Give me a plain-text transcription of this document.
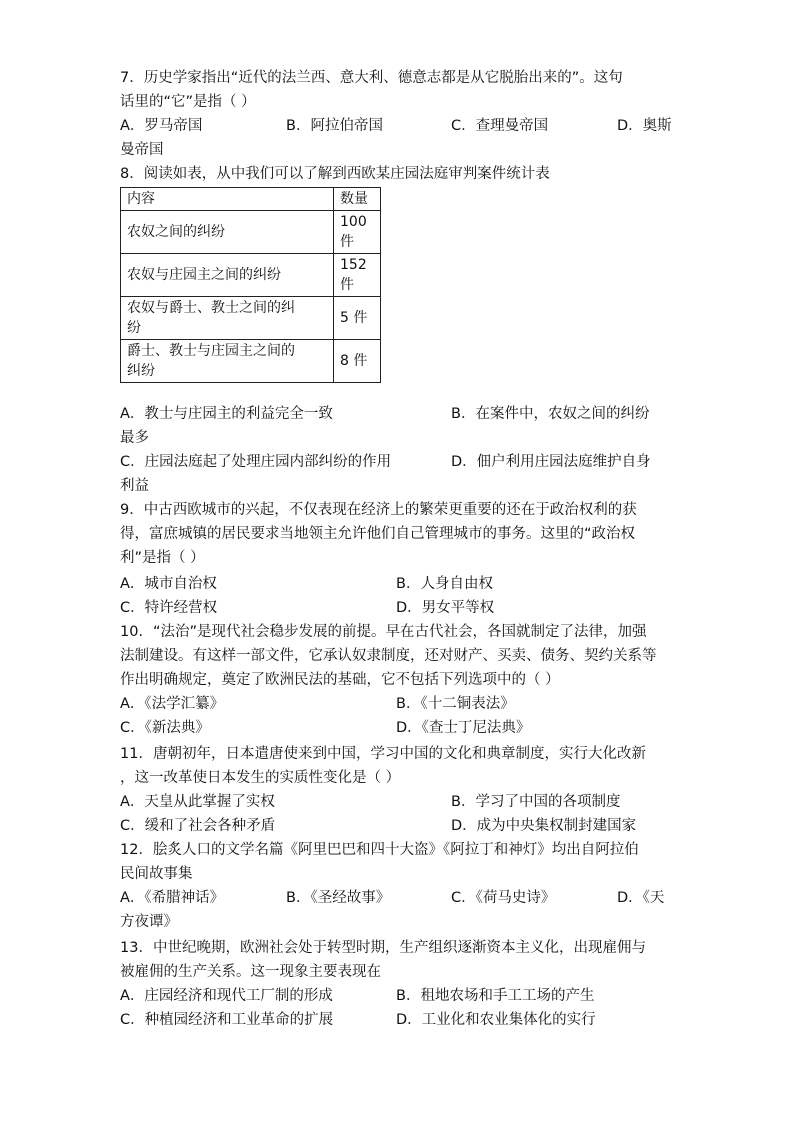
7．历史学家指出“近代的法兰西、意大利、德意志都是从它脱胎出来的”。这句
话里的“它”是指（ ）
A．罗马帝国	B．阿拉伯帝国	C．查理曼帝国	D．奥斯
曼帝国
8．阅读如表，从中我们可以了解到西欧某庄园法庭审判案件统计表
内容	数量
农奴之间的纠纷	100
件
农奴与庄园主之间的纠纷	152
件
农奴与爵士、教士之间的纠
纷	5 件
爵士、教士与庄园主之间的
纠纷	8 件
A．教士与庄园主的利益完全一致	B．在案件中，农奴之间的纠纷
最多
C．庄园法庭起了处理庄园内部纠纷的作用	D．佃户利用庄园法庭维护自身
利益
9．中古西欧城市的兴起，不仅表现在经济上的繁荣更重要的还在于政治权利的获
得，富庶城镇的居民要求当地领主允许他们自己管理城市的事务。这里的“政治权
利”是指（ ）
A．城市自治权	B．人身自由权
C．特许经营权	D．男女平等权
10．“法治”是现代社会稳步发展的前提。早在古代社会，各国就制定了法律，加强
法制建设。有这样一部文件，它承认奴隶制度，还对财产、买卖、债务、契约关系等
作出明确规定，奠定了欧洲民法的基础，它不包括下列选项中的（ ）
A．《法学汇纂》	B．《十二铜表法》
C．《新法典》	D．《查士丁尼法典》
11．唐朝初年，日本遣唐使来到中国，学习中国的文化和典章制度，实行大化改新
，这一改革使日本发生的实质性变化是（ ）
A．天皇从此掌握了实权	B．学习了中国的各项制度
C．缓和了社会各种矛盾	D．成为中央集权制封建国家
12．脍炙人口的文学名篇《阿里巴巴和四十大盗》《阿拉丁和神灯》均出自阿拉伯
民间故事集
A．《希腊神话》	B．《圣经故事》	C．《荷马史诗》	D．《天
方夜谭》
13．中世纪晚期，欧洲社会处于转型时期，生产组织逐渐资本主义化，出现雇佣与
被雇佣的生产关系。这一现象主要表现在
A．庄园经济和现代工厂制的形成	B．租地农场和手工工场的产生
C．种植园经济和工业革命的扩展	D．工业化和农业集体化的实行
